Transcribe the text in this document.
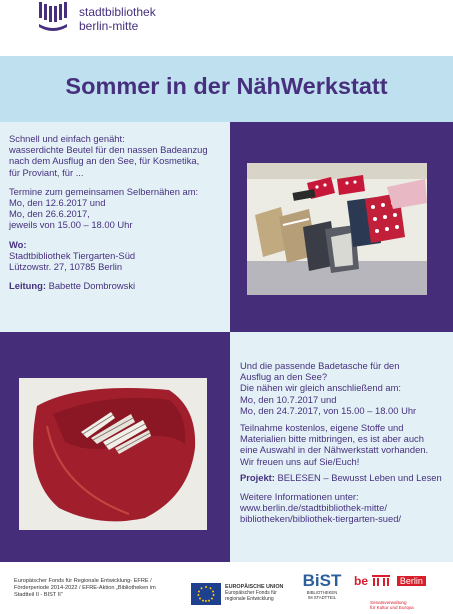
stadtbibliothek
berlin-mitte
Sommer in der NähWerkstatt

Schnell und einfach genäht:

wasserdichte Beutel für den nassen Badeanzug

nach dem Ausflug an den See, für Kosmetika,

für Proviant, für ...

Termine zum gemeinsamen Selbernähen am:

Mo, den 12.6.2017 und

Mo, den 26.6.2017,

jeweils von 15.00 – 18.00 Uhr

Wo:

Stadtbibliothek Tiergarten-Süd

Lützowstr. 27, 10785 Berlin

Leitung: Babette Dombrowski

Und die passende Badetasche für den

Ausflug an den See?

Die nähen wir gleich anschließend am:

Mo, den 10.7.2017 und

Mo, den 24.7.2017, von 15.00 – 18.00 Uhr

Teilnahme kostenlos, eigene Stoffe und

Materialien bitte mitbringen, es ist aber auch

eine Auswahl in der Nähwerkstatt vorhanden.

Wir freuen uns auf Sie/Euch!

Projekt: BELESEN – Bewusst Leben und Lesen

Weitere Informationen unter:

www.berlin.de/stadtbibliothek-mitte/

bibliotheken/bibliothek-tiergarten-sued/

Europäischer Fonds für Regionale Entwicklung- EFRE /
Förderperiode 2014-2022 / EFRE-Aktion „Bibliotheken im
Stadtteil II - BIST II“
EUROPÄISCHE UNION
Europäischer Fonds für
regionale Entwicklung
BiST
BIBLIOTHEKEN
IM STADTTEIL
be	Berlin
Senatsverwaltung
für Kultur und Europa
